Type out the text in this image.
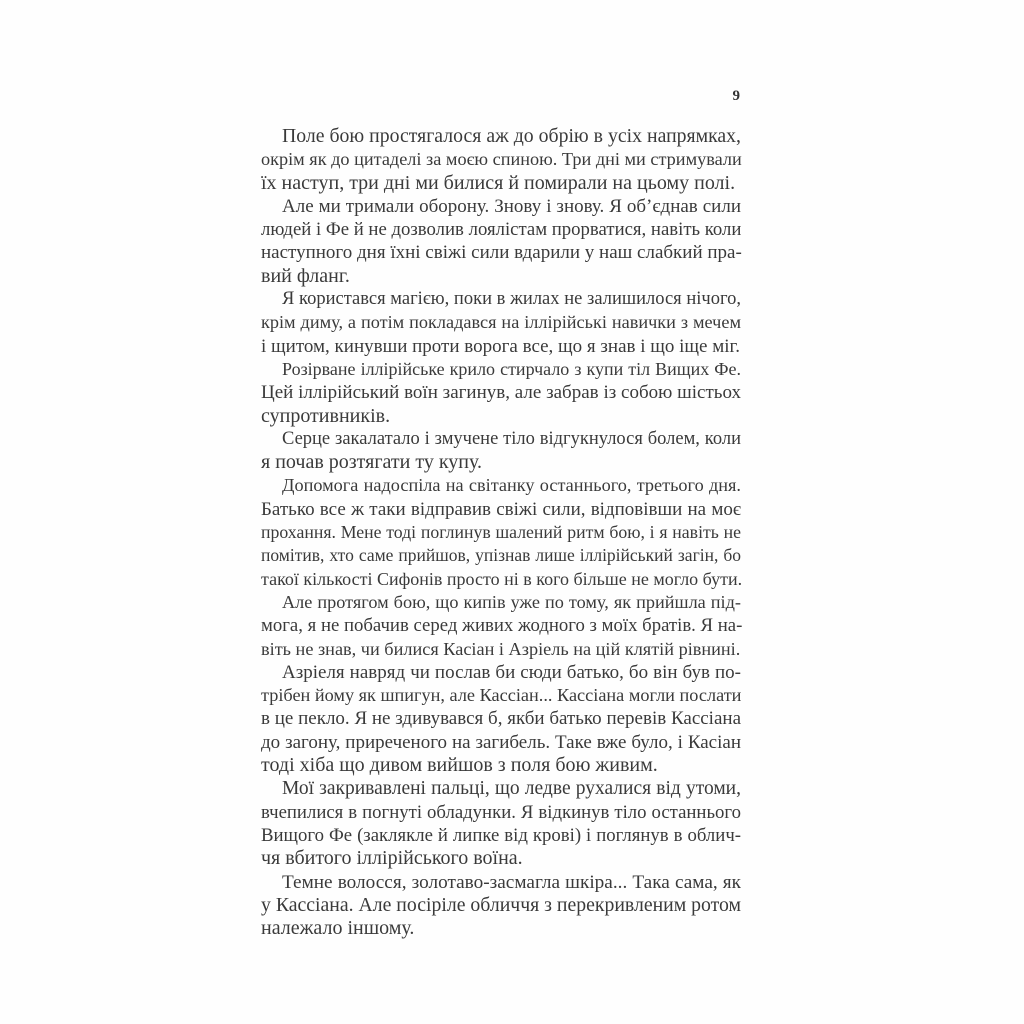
9
Поле бою простягалося аж до обрію в усіх напрямках,
окрім як до цитаделі за моєю спиною. Три дні ми стримували
їх наступ, три дні ми билися й помирали на цьому полі.
Але ми тримали оборону. Знову і знову. Я об’єднав сили
людей і Фе й не дозволив лоялістам прорватися, навіть коли
наступного дня їхні свіжі сили вдарили у наш слабкий пра-
вий фланг.
Я користався магією, поки в жилах не залишилося нічого,
крім диму, а потім покладався на іллірійські навички з мечем
і щитом, кинувши проти ворога все, що я знав і що іще міг.
Розірване іллірійське крило стирчало з купи тіл Вищих Фе.
Цей іллірійський воїн загинув, але забрав із собою шістьох
супротивників.
Серце закалатало і змучене тіло відгукнулося болем, коли
я почав розтягати ту купу.
Допомога надоспіла на світанку останнього, третього дня.
Батько все ж таки відправив свіжі сили, відповівши на моє
прохання. Мене тоді поглинув шалений ритм бою, і я навіть не
помітив, хто саме прийшов, упізнав лише іллірійський загін, бо
такої кількості Сифонів просто ні в кого більше не могло бути.
Але протягом бою, що кипів уже по тому, як прийшла під-
мога, я не побачив серед живих жодного з моїх братів. Я на-
віть не знав, чи билися Касіан і Азріель на цій клятій рівнині.
Азріеля навряд чи послав би сюди батько, бо він був по-
трібен йому як шпигун, але Кассіан... Кассіана могли послати
в це пекло. Я не здивувався б, якби батько перевів Кассіана
до загону, приреченого на загибель. Таке вже було, і Касіан
тоді хіба що дивом вийшов з поля бою живим.
Мої закривавлені пальці, що ледве рухалися від утоми,
вчепилися в погнуті обладунки. Я відкинув тіло останнього
Вищого Фе (заклякле й липке від крові) і поглянув в облич-
чя вбитого іллірійського воїна.
Темне волосся, золотаво-засмагла шкіра... Така сама, як
у Кассіана. Але посіріле обличчя з перекривленим ротом
належало іншому.
